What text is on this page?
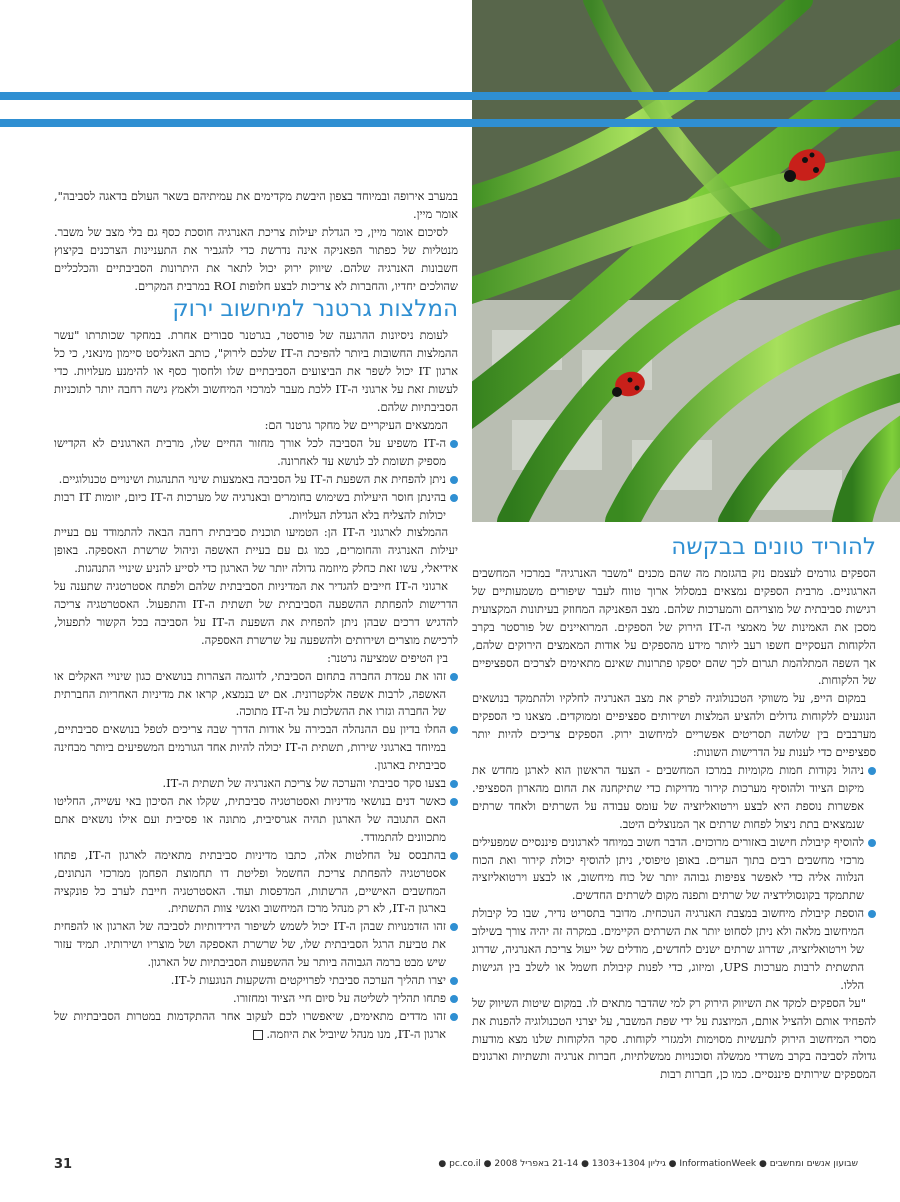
במערב אירופה ובמיוחד בצפון היבשת מקדימים את עמיתיהם בשאר העולם בדאגה לסביבה", אומר מיין.

לסיכום אומר מיין, כי הגדלת יעילות צריכת האנרגיה חוסכת כסף גם בלי מצב של משבר. מנטליות של כפתור הפאניקה אינה נדרשת כדי להגביר את התעניינות הצרכנים בקיצוץ חשבונות האנרגיה שלהם. שיווק ירוק יכול לתאר את היתרונות הסביבתיים והכלכליים שהולכים יחדיו, והחברות לא צריכות לבצע חלופות ROI במרבית המקרים.

המלצות גרטנר למיחשוב ירוק

לעומת ניסיונות ההרגעה של פורסטר, בגרטנר סבורים אחרת. במחקר שכותרתו "עשר ההמלצות החשובות ביותר להפיכת ה-IT שלכם לירוק", כותב האנליסט סיימון מינאני, כי כל ארגון IT יכול לשפר את הביצועים הסביבתיים שלו ולחסוך כסף או להימנע מעלויות. כדי לעשות זאת על ארגוני ה-IT ללכת מעבר למרכזי המיחשוב ולאמץ גישה רחבה יותר לתוכניות הסביבתיות שלהם.

הממצאים העיקריים של מחקר גרטנר הם:

ה-IT משפיע על הסביבה לכל אורך מחזור החיים שלו, מרבית הארגונים לא הקדישו מספיק תשומת לב לנושא עד לאחרונה.
ניתן להפחית את השפעת ה-IT על הסביבה באמצעות שינוי התנהגות ושינויים טכנולוגיים.
בהינתן חוסר היעילות בשימוש בחומרים ובאנרגיה של מערכות ה-IT כיום, יזומות IT רבות יכולות להצליח בלא הגדלת העלויות.

ההמלצות לארגוני ה-IT הן: הטמיעו תוכנית סביבתית רחבה הבאה להתמודד עם בעיית יעילות האנרגיה והחומרים, כמו גם עם בעיית האשפה וניהול שרשרת האספקה. באופן אידיאלי, עשו זאת כחלק מיוזמה גדולה יותר של הארגון כדי לסייע להניע שינויי התנהגות.

ארגוני ה-IT חייבים להגדיר את המדיניות הסביבתית שלהם ולפתח אסטרטגיה שתענה על הדרישות להפחתת ההשפעה הסביבתית של תשתית ה-IT והתפעול. האסטרטגיה צריכה להדגיש דרכים שבהן ניתן להפחית את השפעת ה-IT על הסביבה בכל הקשור לתפעול, לרכישת מוצרים ושירותים ולהשפעה על שרשרת האספקה.

בין הטיפים שמציעה גרטנר:

זהו את עמדת החברה בתחום הסביבתי, לדוגמה הצהרות בנושאים כגון שינויי האקלים או האשפה, לרבות אשפה אלקטרונית. אם יש בנמצא, קראו את מדיניות האחריות החברתית של החברה וגזרו את ההשלכות על ה-IT מתוכה.
החלו בדיון עם ההנהלה הבכירה על אודות הדרך שבה צריכים לטפל בנושאים סביבתיים, במיוחד בארגוני שירות, תשתית ה-IT יכולה להיות אחד הגורמים המשפיעים ביותר מבחינה סביבתית בארגון.
בצעו סקר סביבתי והערכה של צריכת האנרגיה של תשתית ה-IT.
כאשר דנים בנושאי מדיניות ואסטרטגיה סביבתית, שקלו את הסיכון באי עשייה, החליטו האם התגובה של הארגון תהיה אגרסיבית, מתונה או פסיבית ועם אילו נושאים אתם מתכוונים להתמודד.
בהתבסס על החלטות אלה, כתבו מדיניות סביבתית מתאימה לארגון ה-IT, פתחו אסטרטגיה להפחתת צריכת החשמל ופליטת דו תחמוצת הפחמן ממרכזי הנתונים, המחשבים האישיים, הרשתות, המדפסות ועוד. האסטרטגיה חייבת לערב כל פונקציה בארגון ה-IT, לא רק מנהל מרכז המיחשוב ואנשי צוות התשתית.
זהו הזדמנויות שבהן ה-IT יכול לשמש לשיפור הידידותיות לסביבה של הארגון או להפחית את טביעת הרגל הסביבתית שלו, של שרשרת האספקה ושל מוצריו ושירותיו. תמיד עזור שיש מבט ברמה הגבוהה ביותר על ההשפעות הסביבתיות של הארגון.
יצרו תהליך הערכה סביבתי לפרויקטים והשקעות הנוגעות ל-IT.
פתחו תהליך לשליטה על סיום חיי הציוד ומחזורו.
זהו מדדים מתאימים, שיאפשרו לכם לעקוב אחר ההתקדמות במטרות הסביבתיות של ארגון ה-IT, מנו מנהל שיוביל את היוזמה.
להוריד טונים בבקשה

הספקים גורמים לעצמם נזק בהגזמת מה שהם מכנים "משבר האנרגיה" במרכזי המחשבים הארגוניים. מרבית הספקים נמצאים במסלול ארוך טווח לעבר שיפורים משמעותיים של רגישות סביבתית של מוצריהם והמערכות שלהם. מצב הפאניקה המחוזק בעיתונות המקצועית מסכן את האמינות של מאמצי ה-IT הירוק של הספקים. המרואיינים של פורסטר בקרב הלקוחות העסקיים חשפו רעב ליותר מידע מהספקים על אודות המאמצים הירוקים שלהם, אך השפה המתלהמת תגרום לכך שהם יספקו פתרונות שאינם מתאימים לצרכים הספציפיים של הלקוחות.

במקום הייפ, על משווקי הטכנולוגיה לפרק את מצב האנרגיה לחלקיו ולהתמקד בנושאים הנוגעים ללקוחות גדולים ולהציע המלצות ושירותים ספציפיים וממוקדים. מצאנו כי הספקים מערבבים בין שלושה תסריטים אפשריים למיחשוב ירוק. הספקים צריכים להיות יותר ספציפיים כדי לענות על הדרישות השונות:

ניהול נקודות חמות מקומיות במרכז המחשבים - הצעד הראשון הוא לארגן מחדש את מיקום הציוד ולהוסיף מערכות קירור מדויקות כדי שתיקחנה את החום מהארון הספציפי. אפשרות נוספת היא לבצע וירטואליזציה של עומס עבודה על השרתים ולאחד שרתים שנמצאים בתת ניצול לפחות שרתים אך המנוצלים היטב.
להוסיף קיבולת חישוב באזורים מרוכזים. הדבר חשוב במיוחד לארגונים פיננסיים שמפעילים מרכזי מחשבים רבים בתוך הערים. באופן טיפוסי, ניתן להוסיף יכולת קירור ואת הכוח הנלווה אליה כדי לאפשר צפיפות גבוהה יותר של כוח מיחשוב, או לבצע וירטואליזציה שתתמקד בקונסולידציה של שרתים ותפנה מקום לשרתים החדשים.
הוספת קיבולת מיחשוב במצבת האנרגיה הנוכחית. מדובר בתסריט נדיר, שבו כל קיבולת המיחשוב מלאה ולא ניתן לסחוט יותר את השרתים הקיימים. במקרה זה יהיה צורך בשילוב של וירטואליזציה, שדרוג שרתים ישנים לחדשים, מודלים של ייעול צריכת האנרגיה, שדרוג התשתית לרבות מערכות UPS, ומיזוג, כדי לפנות קיבולת חשמל או לשלב בין הגישות הללו.

"על הספקים למקד את השיווק הירוק רק למי שהדבר מתאים לו. במקום שיטות השיווק של להפחיד אותם ולהציל אותם, המיוצגת על ידי שפת המשבר, על יצרני הטכנולוגיה להפנות את מסרי המיחשוב הירוק לתעשיות מסוימות ולמגזרי לקוחות. סקר הלקוחות שלנו מצא מודעות גדולה לסביבה בקרב משרדי ממשלה וסוכנויות ממשלתיות, חברות אנרגיה ותשתיות וארגונים המספקים שירותים פיננסיים. כמו כן, חברות רבות

שבועון אנשים ומחשבים ● InformationWeek ● גיליון 1303+1304 ● 21-14 באפריל 2008 ● pc.co.il ●
31
